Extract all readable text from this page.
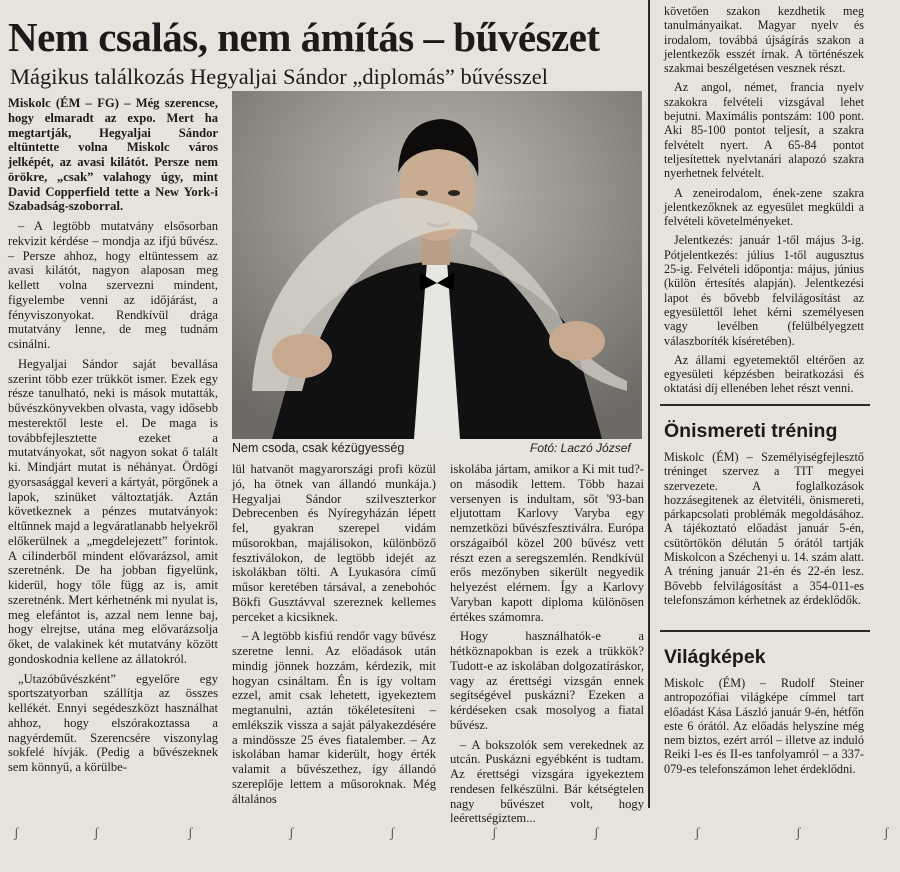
Nem csalás, nem ámítás – bűvészet
Mágikus találkozás Hegyaljai Sándor „diplomás” bűvésszel

Miskolc (ÉM – FG) – Még szerencse, hogy elmaradt az expo. Mert ha megtartják, Hegyaljai Sándor eltüntette volna Miskolc város jelképét, az avasi kilátót. Persze nem örökre, „csak” valahogy úgy, mint David Copperfield tette a New York-i Szabadság-szoborral.

– A legtöbb mutatvány elsősorban rekvizit kérdése – mondja az ifjú bűvész. – Persze ahhoz, hogy eltüntessem az avasi kilátót, nagyon alaposan meg kellett volna szervezni mindent, figyelembe venni az időjárást, a fényviszonyokat. Rendkívül drága mutatvány lenne, de meg tudnám csinálni.

Hegyaljai Sándor saját bevallása szerint több ezer trükköt ismer. Ezek egy része tanulható, neki is mások mutatták, bűvészkönyvekben olvasta, vagy idősebb mesterektől leste el. De maga is továbbfejlesztette ezeket a mutatványokat, sőt nagyon sokat ő talált ki. Mindjárt mutat is néhányat. Ördögi gyorsasággal keveri a kártyát, pörgőnek a lapok, szinüket változtatják. Aztán következnek a pénzes mutatványok: eltűnnek majd a legváratlanabb helyekről előkerülnek a „megdelejezett” forintok. A cilinderből mindent elővarázsol, amit szeretnénk. De ha jobban figyelünk, kiderül, hogy tőle függ az is, amit szeretnénk. Mert kérhetnénk mi nyulat is, meg elefántot is, azzal nem lenne baj, hogy elrejtse, utána meg elővarázsolja őket, de valakinek két mutatvány között gondoskodnia kellene az állatokról.

„Utazóbűvészként” egyelőre egy sportszatyorban szállítja az összes kellékét. Ennyi segédeszközt használhat ahhoz, hogy elszórakoztassa a nagyérdeműt. Szerencsére viszonylag sokfelé hívják. (Pedig a bűvészeknek sem könnyű, a körülbe-

Nem csoda, csak kézügyesség	Fotó: Laczó József

lül hatvanöt magyarországi profi közül jó, ha ötnek van állandó munkája.) Hegyaljai Sándor szilveszterkor Debrecenben és Nyíregyházán lépett fel, gyakran szerepel vidám műsorokban, majálisokon, különböző fesztiválokon, de legtöbb idejét az iskolákban tölti. A Lyukasóra című műsor keretében társával, a zenebohóc Bökfi Gusztávval szereznek kellemes perceket a kicsiknek.

– A legtöbb kisfiú rendőr vagy bűvész szeretne lenni. Az előadások után mindig jönnek hozzám, kérdezik, mit hogyan csináltam. Én is így voltam ezzel, amit csak lehetett, igyekeztem megtanulni, aztán tökéletesíteni – emlékszik vissza a saját pályakezdésére a mindössze 25 éves fiatalember. – Az iskolában hamar kiderült, hogy érték valamit a bűvészethez, így állandó szereplője lettem a műsoroknak. Még általános

iskolába jártam, amikor a Ki mit tud?-on második lettem. Több hazai versenyen is indultam, sőt '93-ban eljutottam Karlovy Varyba egy nemzetközi bűvészfesztiválra. Európa országaiból közel 200 bűvész vett részt ezen a seregszemlén. Rendkívül erős mezőnyben sikerült negyedik helyezést elérnem. Így a Karlovy Varyban kapott diploma különösen értékes számomra.

Hogy használhatók-e a hétköznapokban is ezek a trükkök? Tudott-e az iskolában dolgozatíráskor, vagy az érettségi vizsgán ennek segítségével puskázni? Ezeken a kérdéseken csak mosolyog a fiatal bűvész.

– A bokszolók sem verekednek az utcán. Puskázni egyébként is tudtam. Az érettségi vizsgára igyekeztem rendesen felkészülni. Bár kétségtelen nagy bűvészet volt, hogy leérettségiztem...

követően szakon kezdhetik meg tanulmányaikat. Magyar nyelv és irodalom, továbbá újságírás szakon a jelentkezők esszét írnak. A történészek szakmai beszélgetésen vesznek részt.

Az angol, német, francia nyelv szakokra felvételi vizsgával lehet bejutni. Maximális pontszám: 100 pont. Aki 85-100 pontot teljesít, a szakra felvételt nyert. A 65-84 pontot teljesítettek nyelvtanári alapozó szakra nyerhetnek felvételt.

A zeneirodalom, ének-zene szakra jelentkezőknek az egyesület megküldi a felvételi követelményeket.

Jelentkezés: január 1-től május 3-ig. Pótjelentkezés: július 1-től augusztus 25-ig. Felvételi időpontja: május, június (külön értesítés alapján). Jelentkezési lapot és bővebb felvilágosítást az egyesülettől lehet kérni személyesen vagy levélben (felülbélyegzett válaszboríték kíséretében).

Az állami egyetemektől eltérően az egyesületi képzésben beiratkozási és oktatási díj ellenében lehet részt venni.

Önismereti tréning

Miskolc (ÉM) – Személyiségfejlesztő tréninget szervez a TIT megyei szervezete. A foglalkozások hozzásegitenek az életvitéli, önismereti, párkapcsolati problémák megoldásához. A tájékoztató előadást január 5-én, csütörtökön délután 5 órától tartják Miskolcon a Széchenyi u. 14. szám alatt. A tréning január 21-én és 22-én lesz. Bővebb felvilágosítást a 354-011-es telefonszámon kérhetnek az érdeklődők.

Világképek

Miskolc (ÉM) – Rudolf Steiner antropozófiai világképe címmel tart előadást Kása László január 9-én, hétfőn este 6 órától. Az előadás helyszíne még nem biztos, ezért arról – illetve az induló Reiki I-es és II-es tanfolyamról – a 337-079-es telefonszámon lehet érdeklődni.

ʃ	ʃ	ʃ	ʃ	ʃ	ʃ	ʃ	ʃ	ʃ	ʃ
